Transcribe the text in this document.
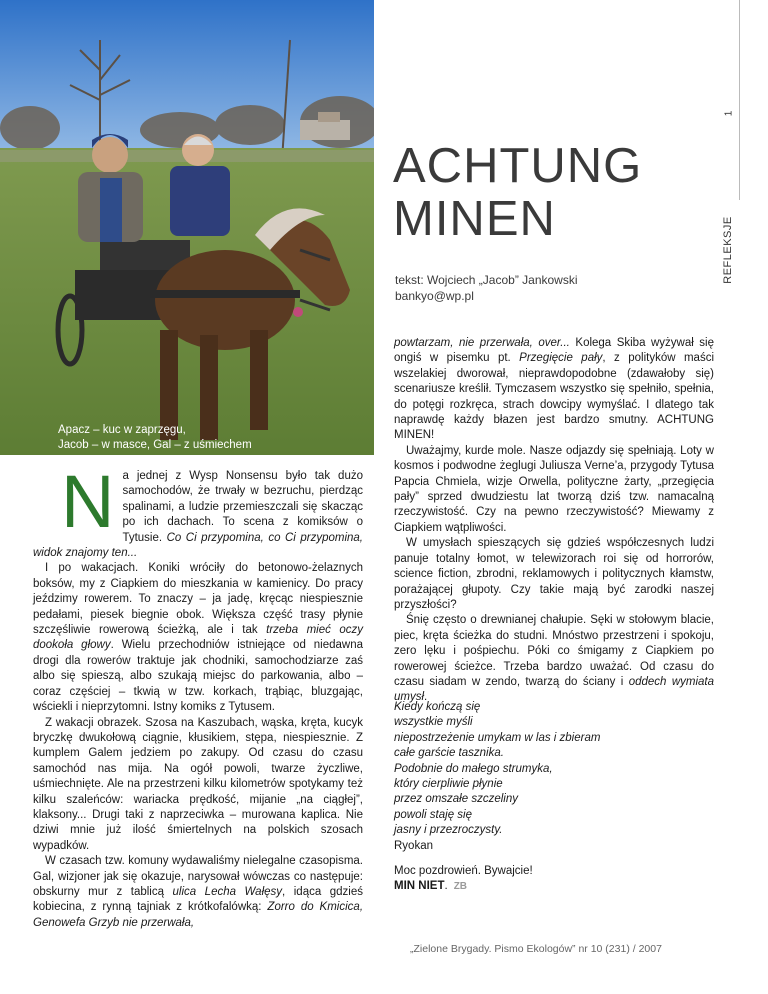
Apacz – kuc w zaprzęgu,
Jacob – w masce, Gal – z uśmiechem
1
REFLEKSJE
ACHTUNG
MINEN
tekst: Wojciech „Jacob” Jankowski
bankyo@wp.pl

Na jednej z Wysp Nonsensu było tak dużo samochodów, że trwały w bezruchu, pierdząc spalinami, a ludzie przemieszczali się skacząc po ich dachach. To scena z komiksów o Tytusie. Co Ci przypomina, co Ci przypomina, widok znajomy ten...

I po wakacjach. Koniki wróciły do betonowo-żelaznych boksów, my z Ciapkiem do mieszkania w kamienicy. Do pracy jeździmy rowerem. To znaczy – ja jadę, kręcąc niespiesznie pedałami, piesek biegnie obok. Większa część trasy płynie szczęśliwie rowerową ścieżką, ale i tak trzeba mieć oczy dookoła głowy. Wielu przechodniów istniejące od niedawna drogi dla rowerów traktuje jak chodniki, samochodziarze zaś albo się spieszą, albo szukają miejsc do parkowania, albo – coraz częściej – tkwią w tzw. korkach, trąbiąc, bluzgając, wściekli i nieprzytomni. Istny komiks z Tytusem.

Z wakacji obrazek. Szosa na Kaszubach, wąska, kręta, kucyk bryczkę dwukołową ciągnie, kłusikiem, stępa, niespiesznie. Z kumplem Galem jedziem po zakupy. Od czasu do czasu samochód nas mija. Na ogół powoli, twarze życzliwe, uśmiechnięte. Ale na przestrzeni kilku kilometrów spotykamy też kilku szaleńców: wariacka prędkość, mijanie „na ciągłej”, klaksony... Drugi taki z naprzeciwka – murowana kaplica. Nie dziwi mnie już ilość śmiertelnych na polskich szosach wypadków.

W czasach tzw. komuny wydawaliśmy nielegalne czasopisma. Gal, wizjoner jak się okazuje, narysował wówczas co następuje: obskurny mur z tablicą ulica Lecha Wałęsy, idąca gdzieś kobiecina, z rynną tajniak z krótkofalówką: Zorro do Kmicica, Genowefa Grzyb nie przerwała,

powtarzam, nie przerwała, over... Kolega Skiba wyżywał się ongiś w pisemku pt. Przegięcie pały, z polityków maści wszelakiej dworował, nieprawdopodobne (zdawałoby się) scenariusze kreślił. Tymczasem wszystko się spełniło, spełnia, do potęgi rozkręca, strach dowcipy wymyślać. I dlatego tak naprawdę każdy błazen jest bardzo smutny. ACHTUNG MINEN!

Uważajmy, kurde mole. Nasze odjazdy się spełniają. Loty w kosmos i podwodne żeglugi Juliusza Verne’a, przygody Tytusa Papcia Chmiela, wizje Orwella, polityczne żarty, „przegięcia pały” sprzed dwudziestu lat tworzą dziś tzw. namacalną rzeczywistość. Czy na pewno rzeczywistość? Miewamy z Ciapkiem wątpliwości.

W umysłach spieszących się gdzieś współczesnych ludzi panuje totalny łomot, w telewizorach roi się od horrorów, science fiction, zbrodni, reklamowych i politycznych kłamstw, porażającej głupoty. Czy takie mają być zarodki naszej przyszłości?

Śnię często o drewnianej chałupie. Sęki w stołowym blacie, piec, kręta ścieżka do studni. Mnóstwo przestrzeni i spokoju, zero lęku i pośpiechu. Póki co śmigamy z Ciapkiem po rowerowej ścieżce. Trzeba bardzo uważać. Od czasu do czasu siadam w zendo, twarzą do ściany i oddech wymiata umysł.

Kiedy kończą się
wszystkie myśli
niepostrzeżenie umykam w las i zbieram
całe garście tasznika.
Podobnie do małego strumyka,
który cierpliwie płynie
przez omszałe szczeliny
powoli staję się
jasny i przezroczysty.
Ryokan
Moc pozdrowień. Bywajcie!
MIN NIET. ZB
„Zielone Brygady. Pismo Ekologów” nr 10 (231) / 2007
